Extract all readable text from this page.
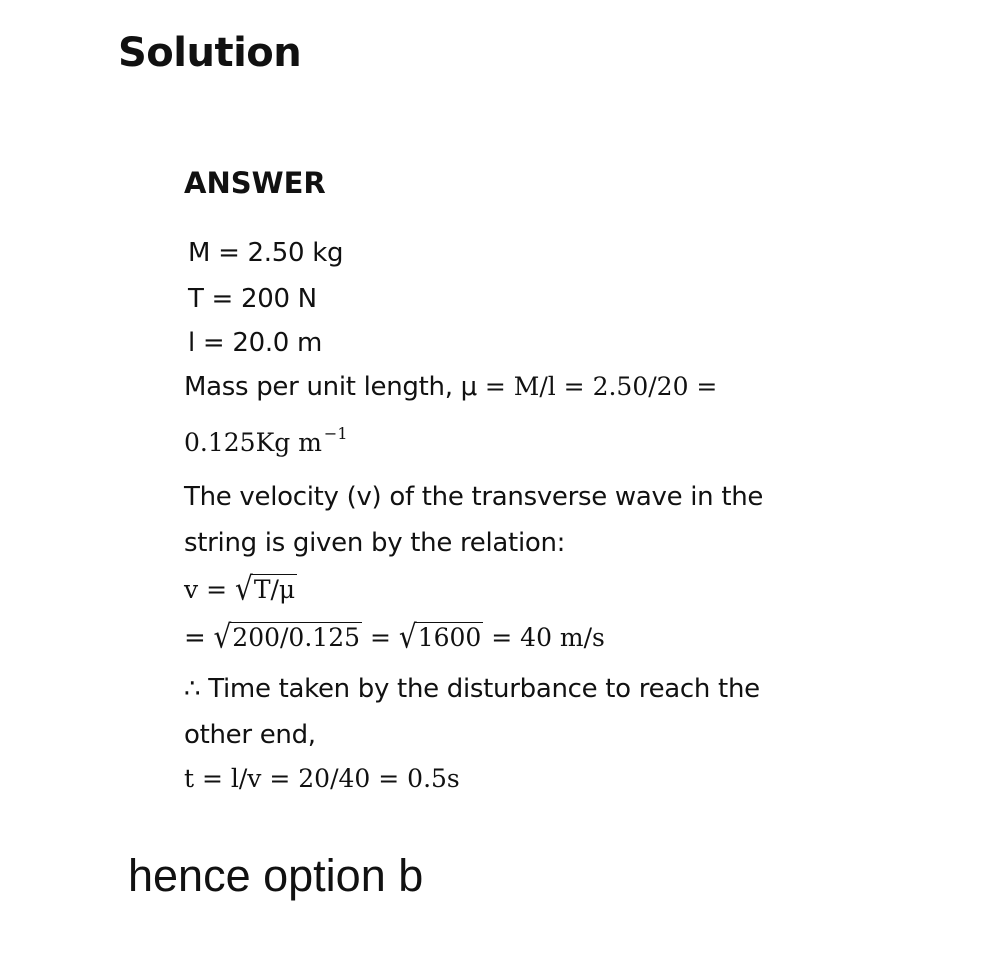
Solution
ANSWER
M = 2.50 kg
T = 200 N
l = 20.0 m
Mass per unit length, μ = M/l = 2.50/20 =
0.125Kg m −1
The velocity (v) of the transverse wave in the
string is given by the relation:
v = √T/μ
= √200/0.125 = √1600 = 40 m/s
∴ Time taken by the disturbance to reach the
other end,
t = l/v = 20/40 = 0.5s
hence option b
